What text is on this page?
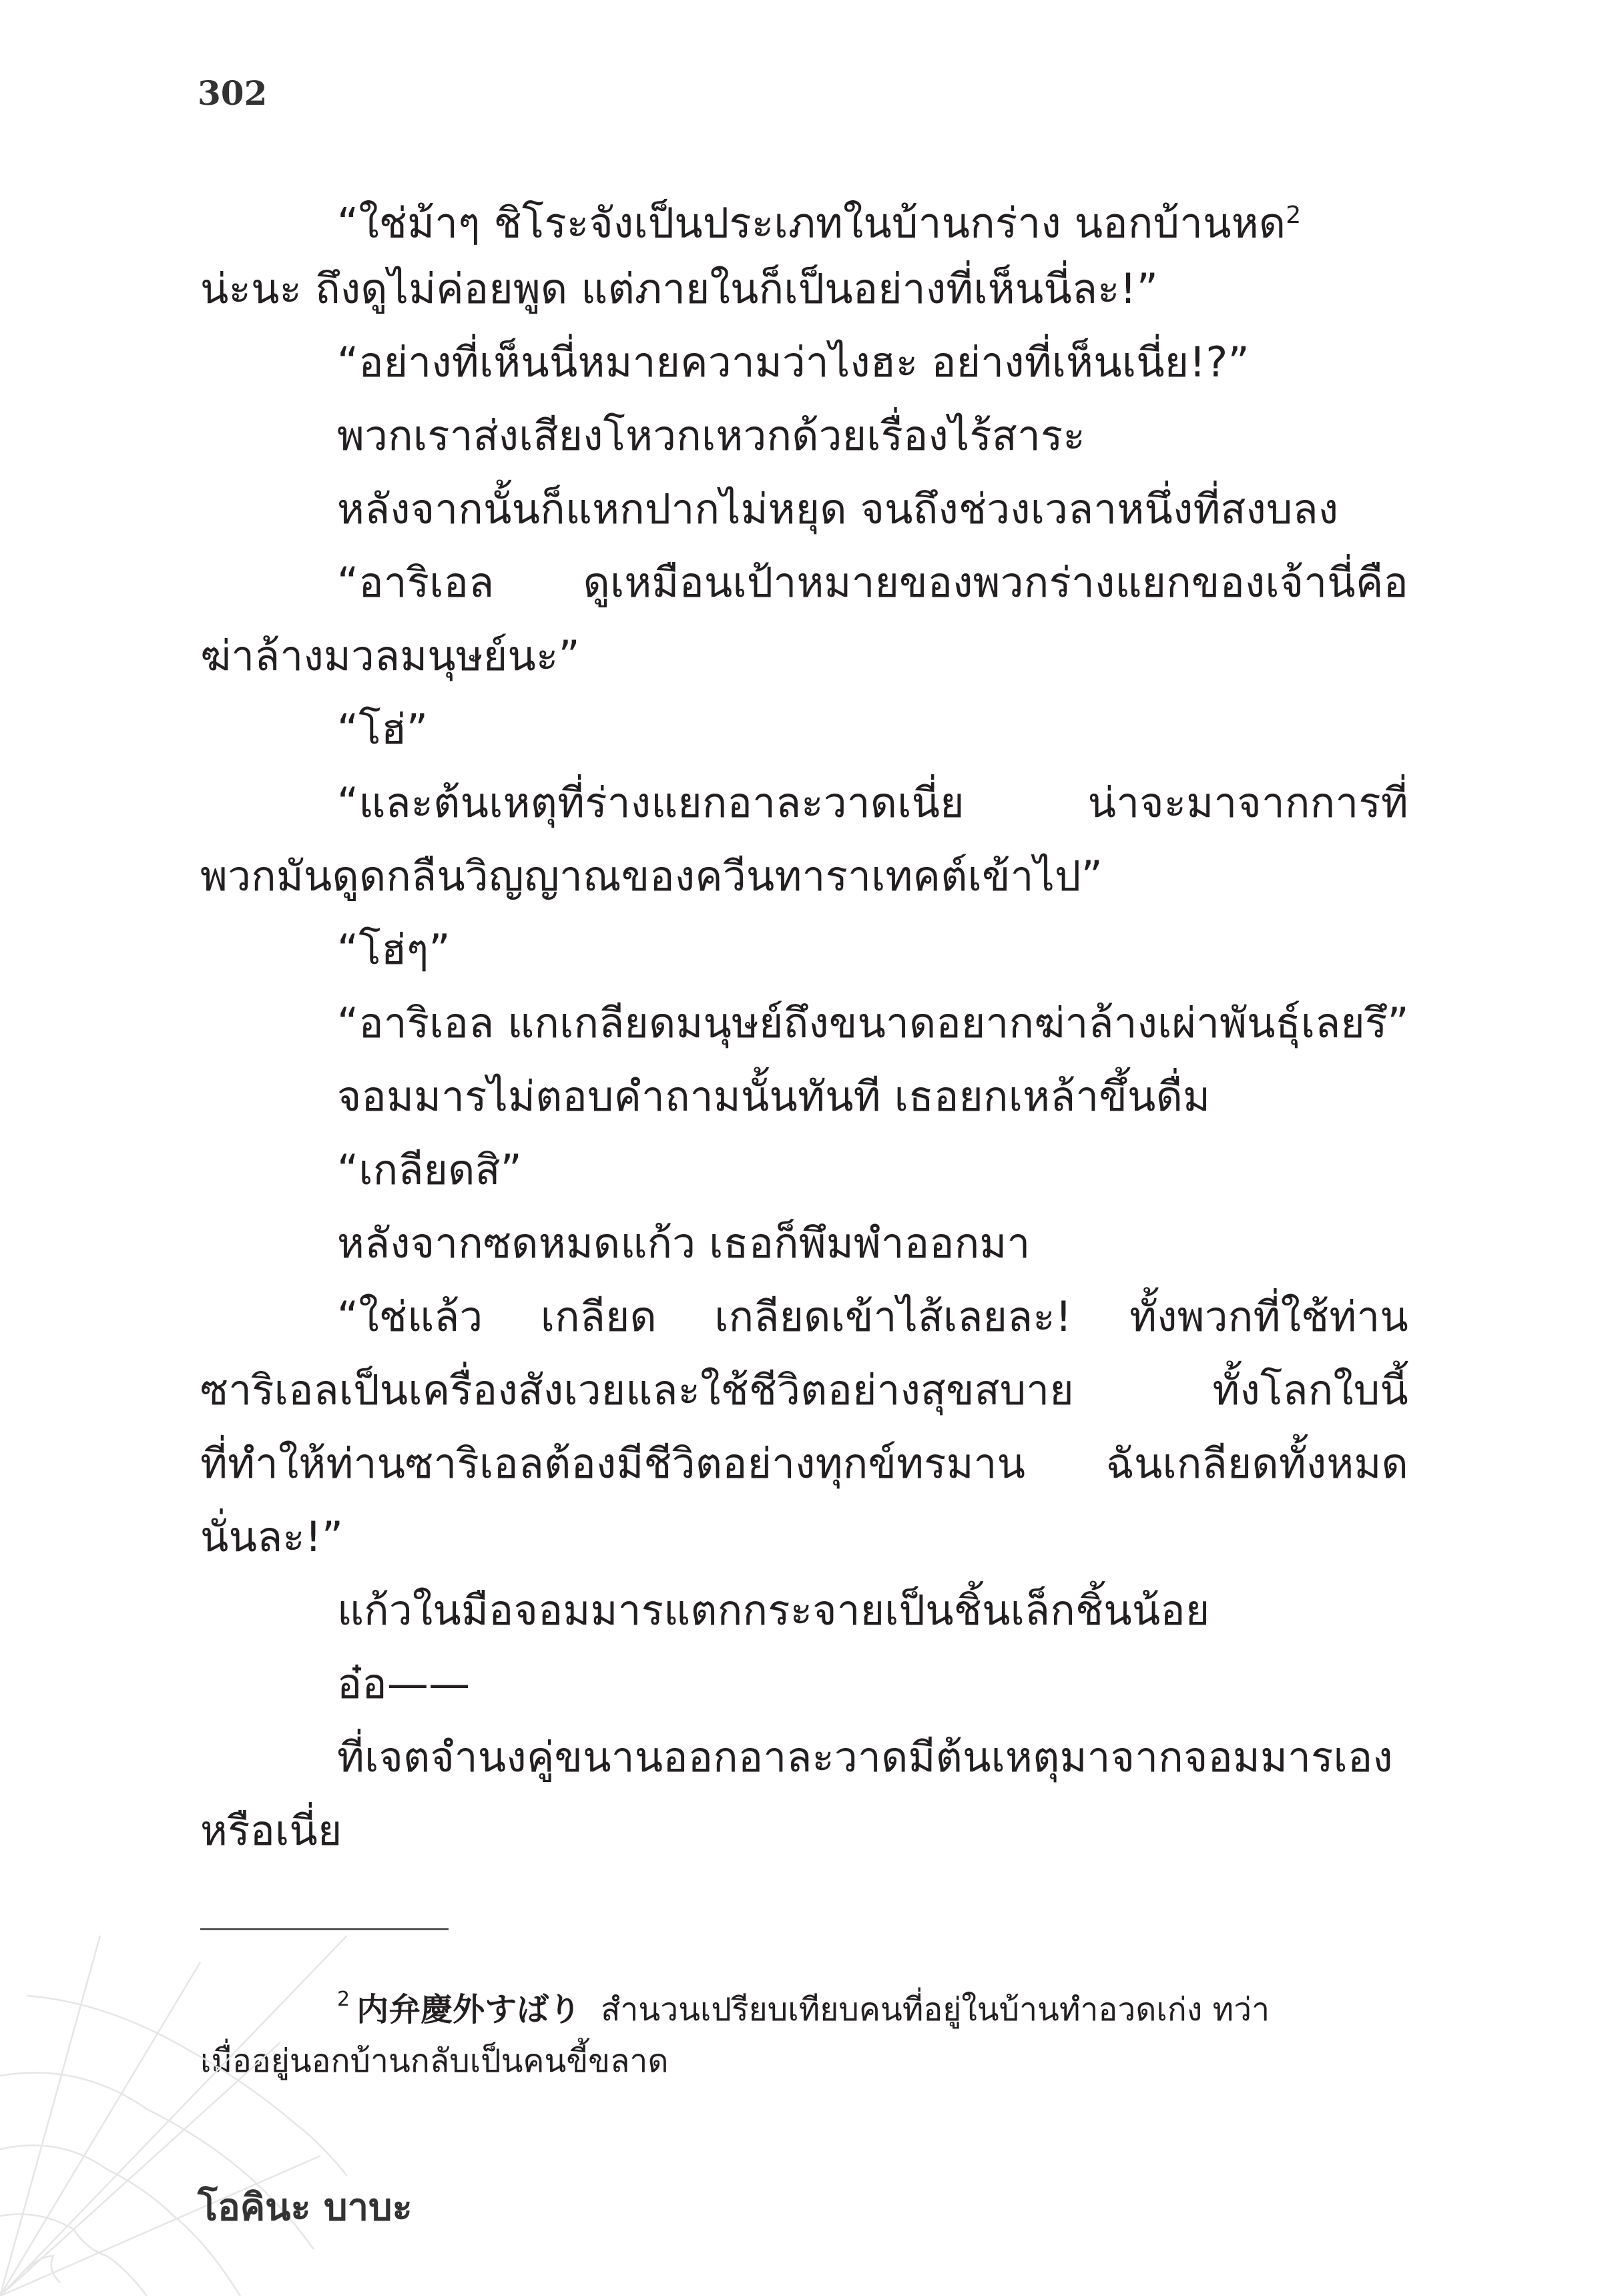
302
“ใช่ม้าๆ ชิโระจังเป็นประเภทในบ้านกร่าง นอกบ้านหด$^2$
น่ะนะ ถึงดูไม่ค่อยพูด แต่ภายในก็เป็นอย่างที่เห็นนี่ละ!”
“อย่างที่เห็นนี่หมายความว่าไงฮะ อย่างที่เห็นเนี่ย!?”
พวกเราส่งเสียงโหวกเหวกด้วยเรื่องไร้สาระ
หลังจากนั้นก็แหกปากไม่หยุด จนถึงช่วงเวลาหนึ่งที่สงบลง
“อาริเอล ดูเหมือนเป้าหมายของพวกร่างแยกของเจ้านี่คือ
ฆ่าล้างมวลมนุษย์นะ”
“โฮ่”
“และต้นเหตุที่ร่างแยกอาละวาดเนี่ย น่าจะมาจากการที่
พวกมันดูดกลืนวิญญาณของควีนทาราเทคต์เข้าไป”
“โฮ่ๆ”
“อาริเอล แกเกลียดมนุษย์ถึงขนาดอยากฆ่าล้างเผ่าพันธุ์เลยรึ”
จอมมารไม่ตอบคำถามนั้นทันที เธอยกเหล้าขึ้นดื่ม
“เกลียดสิ”
หลังจากซดหมดแก้ว เธอก็พึมพำออกมา
“ใช่แล้ว เกลียด เกลียดเข้าไส้เลยละ! ทั้งพวกที่ใช้ท่าน
ซาริเอลเป็นเครื่องสังเวยและใช้ชีวิตอย่างสุขสบาย ทั้งโลกใบนี้
ที่ทำให้ท่านซาริเอลต้องมีชีวิตอย่างทุกข์ทรมาน ฉันเกลียดทั้งหมด
นั่นละ!”
แก้วในมือจอมมารแตกกระจายเป็นชิ้นเล็กชิ้นน้อย
อ๋อ——
ที่เจตจำนงคู่ขนานออกอาละวาดมีต้นเหตุมาจากจอมมารเอง
หรือเนี่ย
$^2$ 内弁慶外すばり สำนวนเปรียบเทียบคนที่อยู่ในบ้านทำอวดเก่ง ทว่า
เมื่ออยู่นอกบ้านกลับเป็นคนขี้ขลาด
โอคินะ บาบะ
